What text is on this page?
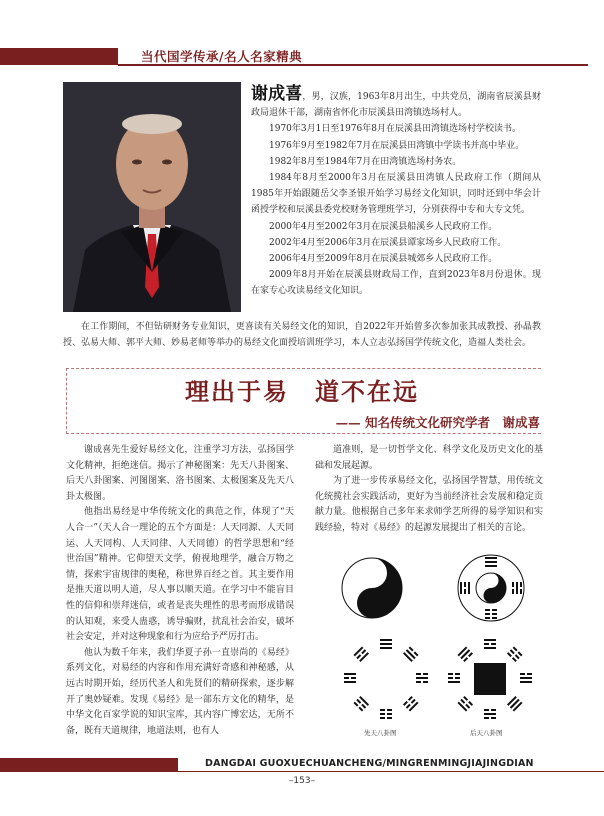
当代国学传承/名人名家精典

谢成喜，男，汉族，1963年8月出生，中共党员，湖南省辰溪县财政局退休干部，湖南省怀化市辰溪县田湾镇选场村人。

1970年3月1日至1976年8月在辰溪县田湾镇选场村学校读书。

1976年9月至1982年7月在辰溪县田湾镇中学读书并高中毕业。

1982年8月至1984年7月在田湾镇选场村务农。

1984年8月至2000年3月在辰溪县田湾镇人民政府工作（期间从1985年开始跟随岳父李圣银开始学习易经文化知识，同时还到中华会计函授学校和辰溪县委党校财务管理班学习，分别获得中专和大专文凭。

2000年4月至2002年3月在辰溪县船溪乡人民政府工作。

2002年4月至2006年3月在辰溪县谭家场乡人民政府工作。

2006年4月至2009年8月在辰溪县城郊乡人民政府工作。

2009年8月开始在辰溪县财政局工作，直到2023年8月份退休。现在家专心攻读易经文化知识。

在工作期间，不但钻研财务专业知识，更喜读有关易经文化的知识，自2022年开始曾多次参加张其成教授、孙晶教授、弘易大师、郭平大师、妙易老师等举办的易经文化面授培训班学习，本人立志弘扬国学传统文化，造福人类社会。

理出于易　道不在远
—— 知名传统文化研究学者　谢成喜

谢成喜先生爱好易经文化，注重学习方法，弘扬国学文化精神，拒绝迷信。揭示了神秘图案：先天八卦图案、后天八卦图案、河图图案、洛书图案、太极图案及先天八卦太极图。

他指出易经是中华传统文化的典范之作，体现了“天人合一”（天人合一理论的五个方面是：人天同源、人天同运、人天同构、人天同律、人天同德）的哲学思想和“经世治国”精神。它仰望天文学，俯视地理学，融合万物之情，探索宇宙规律的奥秘，称世界百经之首。其主要作用是推天道以明人道，尽人事以顺天道。在学习中不能盲目性的信仰和崇拜迷信，或者是丧失理性的思考而形成错误的认知观，来受人蛊惑，诱导骗财，扰乱社会治安，破坏社会安定，并对这种现象和行为应给予严厉打击。

他认为数千年来，我们华夏子孙一直崇尚的《易经》系列文化，对易经的内容和作用充满好奇感和神秘感，从远古时期开始，经历代圣人和先贤们的精研探索，逐步解开了奥妙疑难。发现《易经》是一部东方文化的精华，是中华文化百家学说的知识宝库，其内容广博宏达，无所不备，既有天道规律，地道法则，也有人

道准则，是一切哲学文化、科学文化及历史文化的基础和发展起源。

为了进一步传承易经文化，弘扬国学智慧，用传统文化统揽社会实践活动，更好为当前经济社会发展和稳定贡献力量。他根据自己多年来求师学艺所得的易学知识和实践经验，特对《易经》的起源发展提出了相关的言论。

先天八卦图	后天八卦图
DANGDAI GUOXUECHUANCHENG/MINGRENMINGJIAJINGDIAN
–153–
